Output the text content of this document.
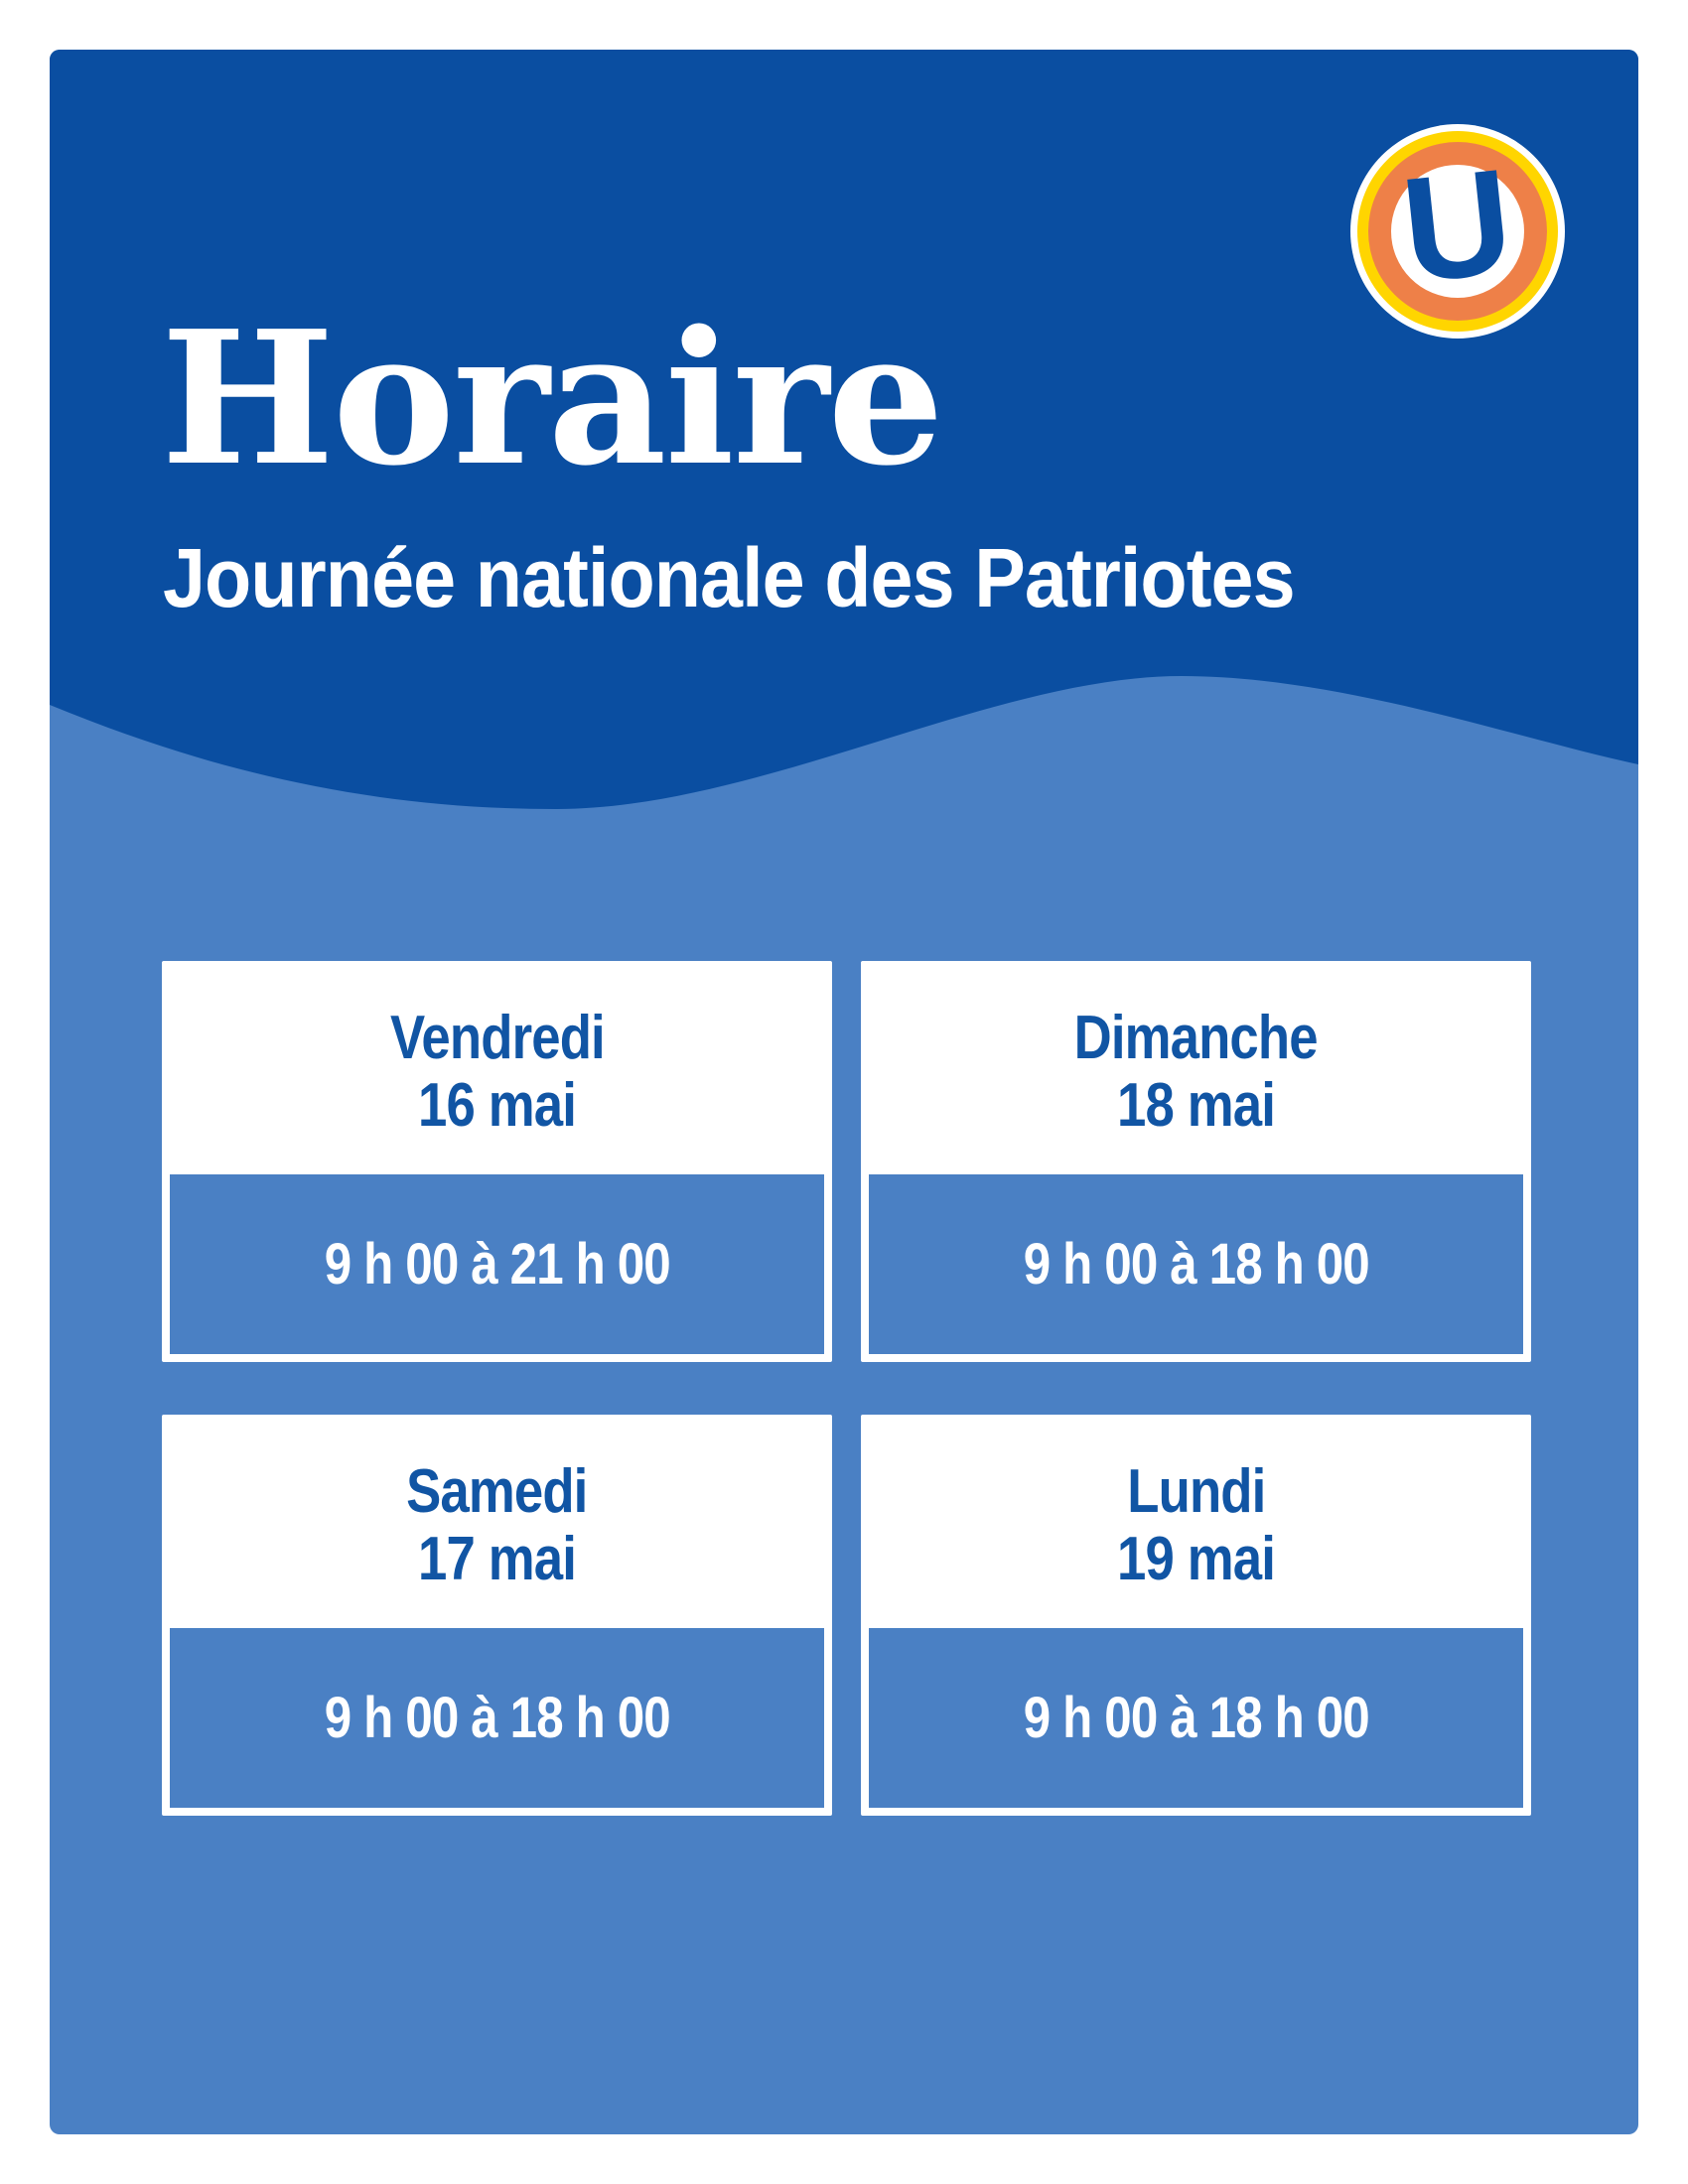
U
Horaire
Journée nationale des Patriotes
Vendredi
16 mai
9 h 00 à 21 h 00
Dimanche
18 mai
9 h 00 à 18 h 00
Samedi
17 mai
9 h 00 à 18 h 00
Lundi
19 mai
9 h 00 à 18 h 00
